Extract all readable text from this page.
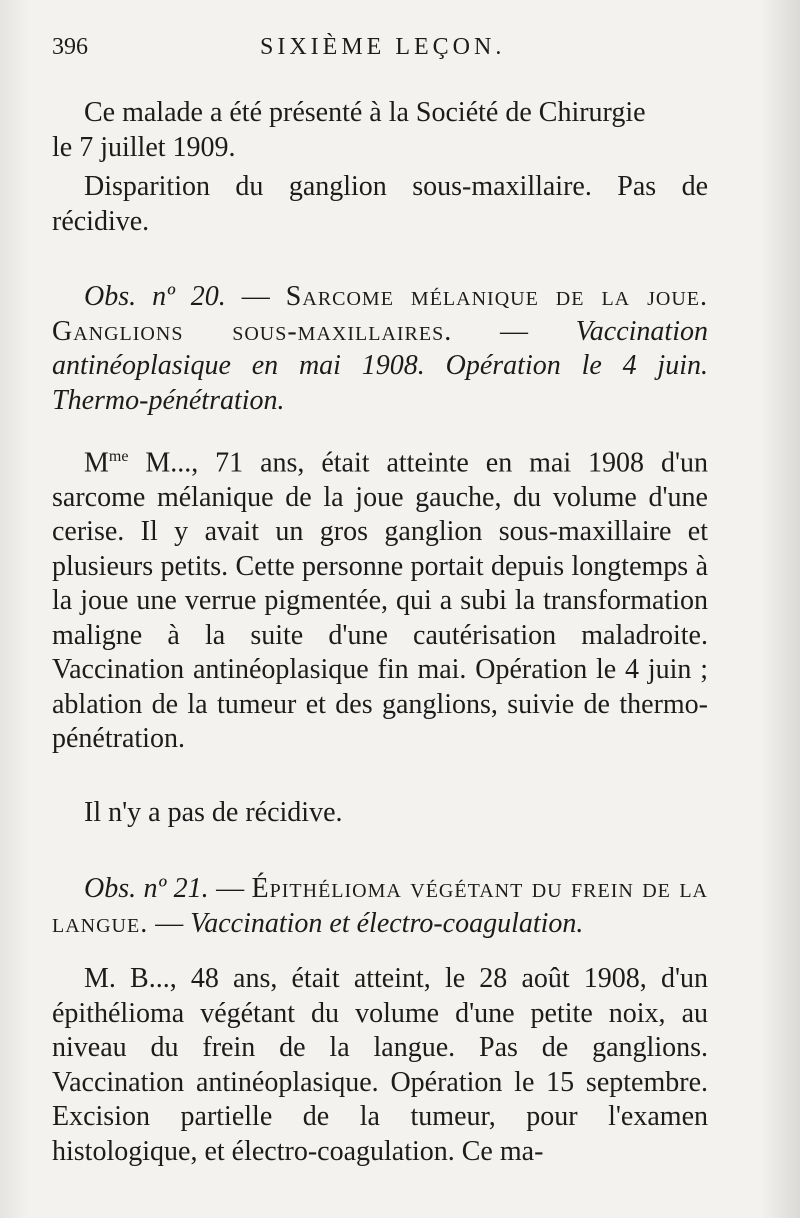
396	SIXIÈME LEÇON.

Ce malade a été présenté à la Société de Chirurgie
le 7 juillet 1909.

Disparition du ganglion sous-maxillaire. Pas de récidive.

Obs. nº 20. — Sarcome mélanique de la joue. Ganglions sous-maxillaires. — Vaccination antinéoplasique en mai 1908. Opération le 4 juin. Thermo-pénétration.

$M^{me}$ M..., 71 ans, était atteinte en mai 1908 d'un sarcome mélanique de la joue gauche, du volume d'une cerise. Il y avait un gros ganglion sous-maxillaire et plusieurs petits. Cette personne portait depuis longtemps à la joue une verrue pigmentée, qui a subi la transformation maligne à la suite d'une cautérisation maladroite. Vaccination antinéoplasique fin mai. Opération le 4 juin ; ablation de la tumeur et des ganglions, suivie de thermo-pénétration.

Il n'y a pas de récidive.

Obs. nº 21. — Épithélioma végétant du frein de la langue. — Vaccination et électro-coagulation.

M. B..., 48 ans, était atteint, le 28 août 1908, d'un épithélioma végétant du volume d'une petite noix, au niveau du frein de la langue. Pas de ganglions. Vaccination antinéoplasique. Opération le 15 septembre. Excision partielle de la tumeur, pour l'examen histologique, et électro-coagulation. Ce ma-
